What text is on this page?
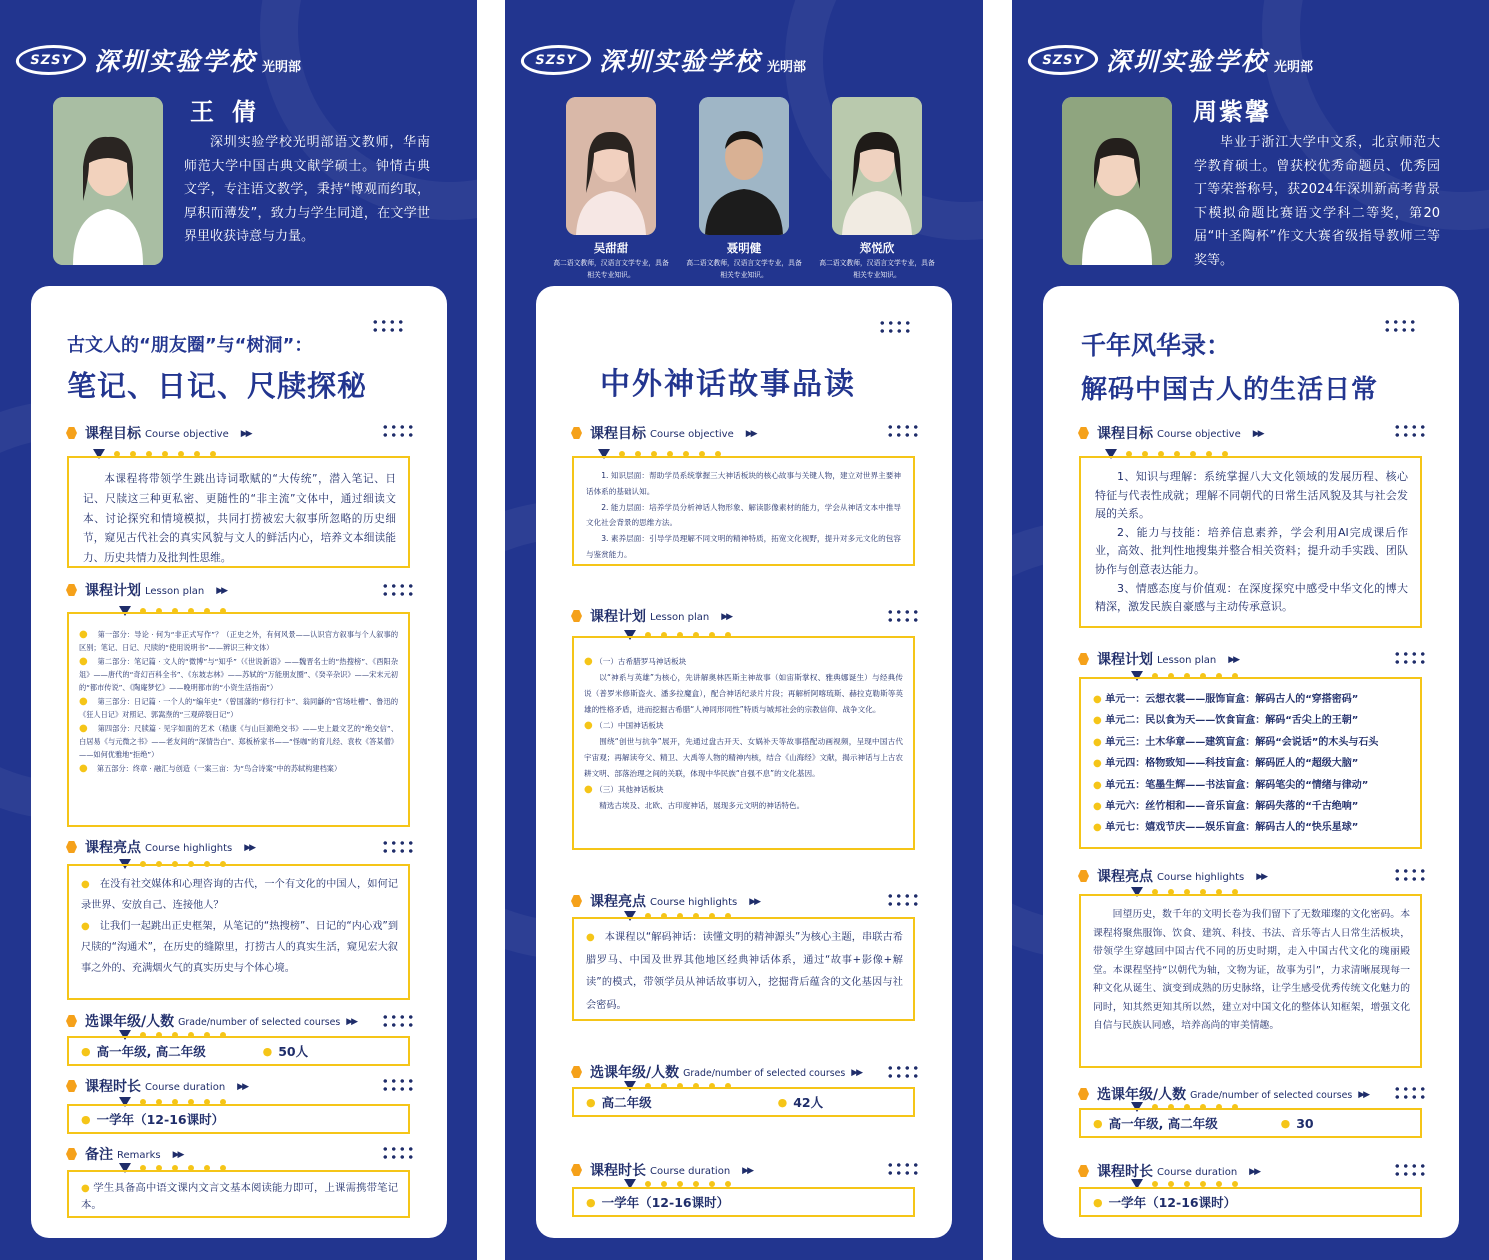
SZSY 深圳实验学校 光明部
王倩
深圳实验学校光明部语文教师，华南师范大学中国古典文献学硕士。钟情古典文学，专注语文教学，秉持“博观而约取，厚积而薄发”，致力与学生同道，在文学世界里收获诗意与力量。
古文人的“朋友圈”与“树洞”：
笔记、日记、尺牍探秘
课程目标 Course objective ▶▶

本课程将带领学生跳出诗词歌赋的“大传统”，潜入笔记、日记、尺牍这三种更私密、更随性的“非主流”文体中，通过细读文本、讨论探究和情境模拟，共同打捞被宏大叙事所忽略的历史细节，窥见古代社会的真实风貌与文人的鲜活内心，培养文本细读能力、历史共情力及批判性思维。

课程计划 Lesson plan ▶▶

● 第一部分：导论 · 何为“非正式写作”？（正史之外，有何风景——认识官方叙事与个人叙事的区别；笔记、日记、尺牍的“使用说明书”——辨识三种文体）

● 第二部分：笔记篇 · 文人的“微博”与“知乎”（《世说新语》——魏晋名士的“热搜榜”、《酉阳杂俎》——唐代的“奇幻百科全书”、《东坡志林》——苏轼的“万能朋友圈”、《癸辛杂识》——宋末元初的“都市传说”、《陶庵梦忆》——晚明都市的“小资生活指南”）

● 第三部分：日记篇 · 一个人的“编年史”（曾国藩的“修行打卡”、翁同龢的“官场吐槽”、鲁迅的《狂人日记》对照记、郭嵩焘的“三观碎裂日记”）

● 第四部分：尺牍篇 · 见字如面的艺术（嵇康《与山巨源绝交书》——史上最文艺的“绝交信”、白居易《与元微之书》——老友间的“深情告白”、郑板桥家书——“怪咖”的育儿经、袁枚《答某僧》——如何优雅地“拒绝”）

● 第五部分：终章 · 融汇与创造（一案三亩：为“鸟合诗案”中的苏轼构建档案）

课程亮点 Course highlights ▶▶

● 在没有社交媒体和心理咨询的古代，一个有文化的中国人，如何记录世界、安放自己、连接他人？

● 让我们一起跳出正史框架，从笔记的“热搜榜”、日记的“内心戏”到尺牍的“沟通术”，在历史的缝隙里，打捞古人的真实生活，窥见宏大叙事之外的、充满烟火气的真实历史与个体心境。

选课年级/人数 Grade/number of selected courses ▶▶
● 高一年级, 高二年级	● 50人
课程时长 Course duration ▶▶
● 一学年（12-16课时）
备注 Remarks ▶▶

● 学生具备高中语文课内文言文基本阅读能力即可，上课需携带笔记本。

SZSY 深圳实验学校 光明部
吴甜甜
高二语文教师，汉语言文学专业，具备相关专业知识。
聂明健
高二语文教师，汉语言文学专业，具备相关专业知识。
郑悦欣
高二语文教师，汉语言文学专业，具备相关专业知识。
中外神话故事品读
课程目标 Course objective ▶▶

1. 知识层面：帮助学员系统掌握三大神话板块的核心故事与关键人物，建立对世界主要神话体系的基础认知。

2. 能力层面：培养学员分析神话人物形象、解读影像素材的能力，学会从神话文本中推导文化社会背景的思维方法。

3. 素养层面：引导学员理解不同文明的精神特质，拓宽文化视野，提升对多元文化的包容与鉴赏能力。

课程计划 Lesson plan ▶▶

● （一）古希腊罗马神话板块

以“神系与英雄”为核心，先讲解奥林匹斯主神故事（如宙斯掌权、雅典娜诞生）与经典传说（普罗米修斯盗火、潘多拉魔盒），配合神话纪录片片段；再解析阿喀琉斯、赫拉克勒斯等英雄的性格矛盾，进而挖掘古希腊“人神同形同性”特质与城邦社会的宗教信仰、战争文化。

● （二）中国神话板块

围绕“创世与抗争”展开，先通过盘古开天、女娲补天等故事搭配动画视频，呈现中国古代宇宙观；再解读夸父、精卫、大禹等人物的精神内核，结合《山海经》文献，揭示神话与上古农耕文明、部落治理之间的关联，体现中华民族“自强不息”的文化基因。

● （三）其他神话板块

精选古埃及、北欧、古印度神话，展现多元文明的神话特色。

课程亮点 Course highlights ▶▶

● 本课程以“解码神话：读懂文明的精神源头”为核心主题，串联古希腊罗马、中国及世界其他地区经典神话体系，通过“故事+影像+解读”的模式，带领学员从神话故事切入，挖掘背后蕴含的文化基因与社会密码。

选课年级/人数 Grade/number of selected courses ▶▶
● 高二年级	● 42人
课程时长 Course duration ▶▶
● 一学年（12-16课时）
SZSY 深圳实验学校 光明部
周紫馨
毕业于浙江大学中文系，北京师范大学教育硕士。曾获校优秀命题员、优秀园丁等荣誉称号，获2024年深圳新高考背景下模拟命题比赛语文学科二等奖，第20届“叶圣陶杯”作文大赛省级指导教师三等奖等。
千年风华录：
解码中国古人的生活日常
课程目标 Course objective ▶▶

1、知识与理解：系统掌握八大文化领域的发展历程、核心特征与代表性成就；理解不同朝代的日常生活风貌及其与社会发展的关系。

2、能力与技能：培养信息素养，学会利用AI完成课后作业，高效、批判性地搜集并整合相关资料；提升动手实践、团队协作与创意表达能力。

3、情感态度与价值观：在深度探究中感受中华文化的博大精深，激发民族自豪感与主动传承意识。

课程计划 Lesson plan ▶▶

● 单元一：云想衣裳——服饰盲盒：解码古人的“穿搭密码”

● 单元二：民以食为天——饮食盲盒：解码“舌尖上的王朝”

● 单元三：土木华章——建筑盲盒：解码“会说话”的木头与石头

● 单元四：格物致知——科技盲盒：解码匠人的“超级大脑”

● 单元五：笔墨生辉——书法盲盒：解码笔尖的“情绪与律动”

● 单元六：丝竹相和——音乐盲盒：解码失落的“千古绝响”

● 单元七：嬉戏节庆——娱乐盲盒：解码古人的“快乐星球”

课程亮点 Course highlights ▶▶

回望历史，数千年的文明长卷为我们留下了无数璀璨的文化密码。本课程将聚焦服饰、饮食、建筑、科技、书法、音乐等古人日常生活板块，带领学生穿越回中国古代不同的历史时期，走入中国古代文化的瑰丽殿堂。本课程坚持“以朝代为轴，文物为证，故事为引”，力求清晰展现每一种文化从诞生、演变到成熟的历史脉络，让学生感受优秀传统文化魅力的同时，知其然更知其所以然，建立对中国文化的整体认知框架，增强文化自信与民族认同感，培养高尚的审美情趣。

选课年级/人数 Grade/number of selected courses ▶▶
● 高一年级, 高二年级	● 30
课程时长 Course duration ▶▶
● 一学年（12-16课时）
